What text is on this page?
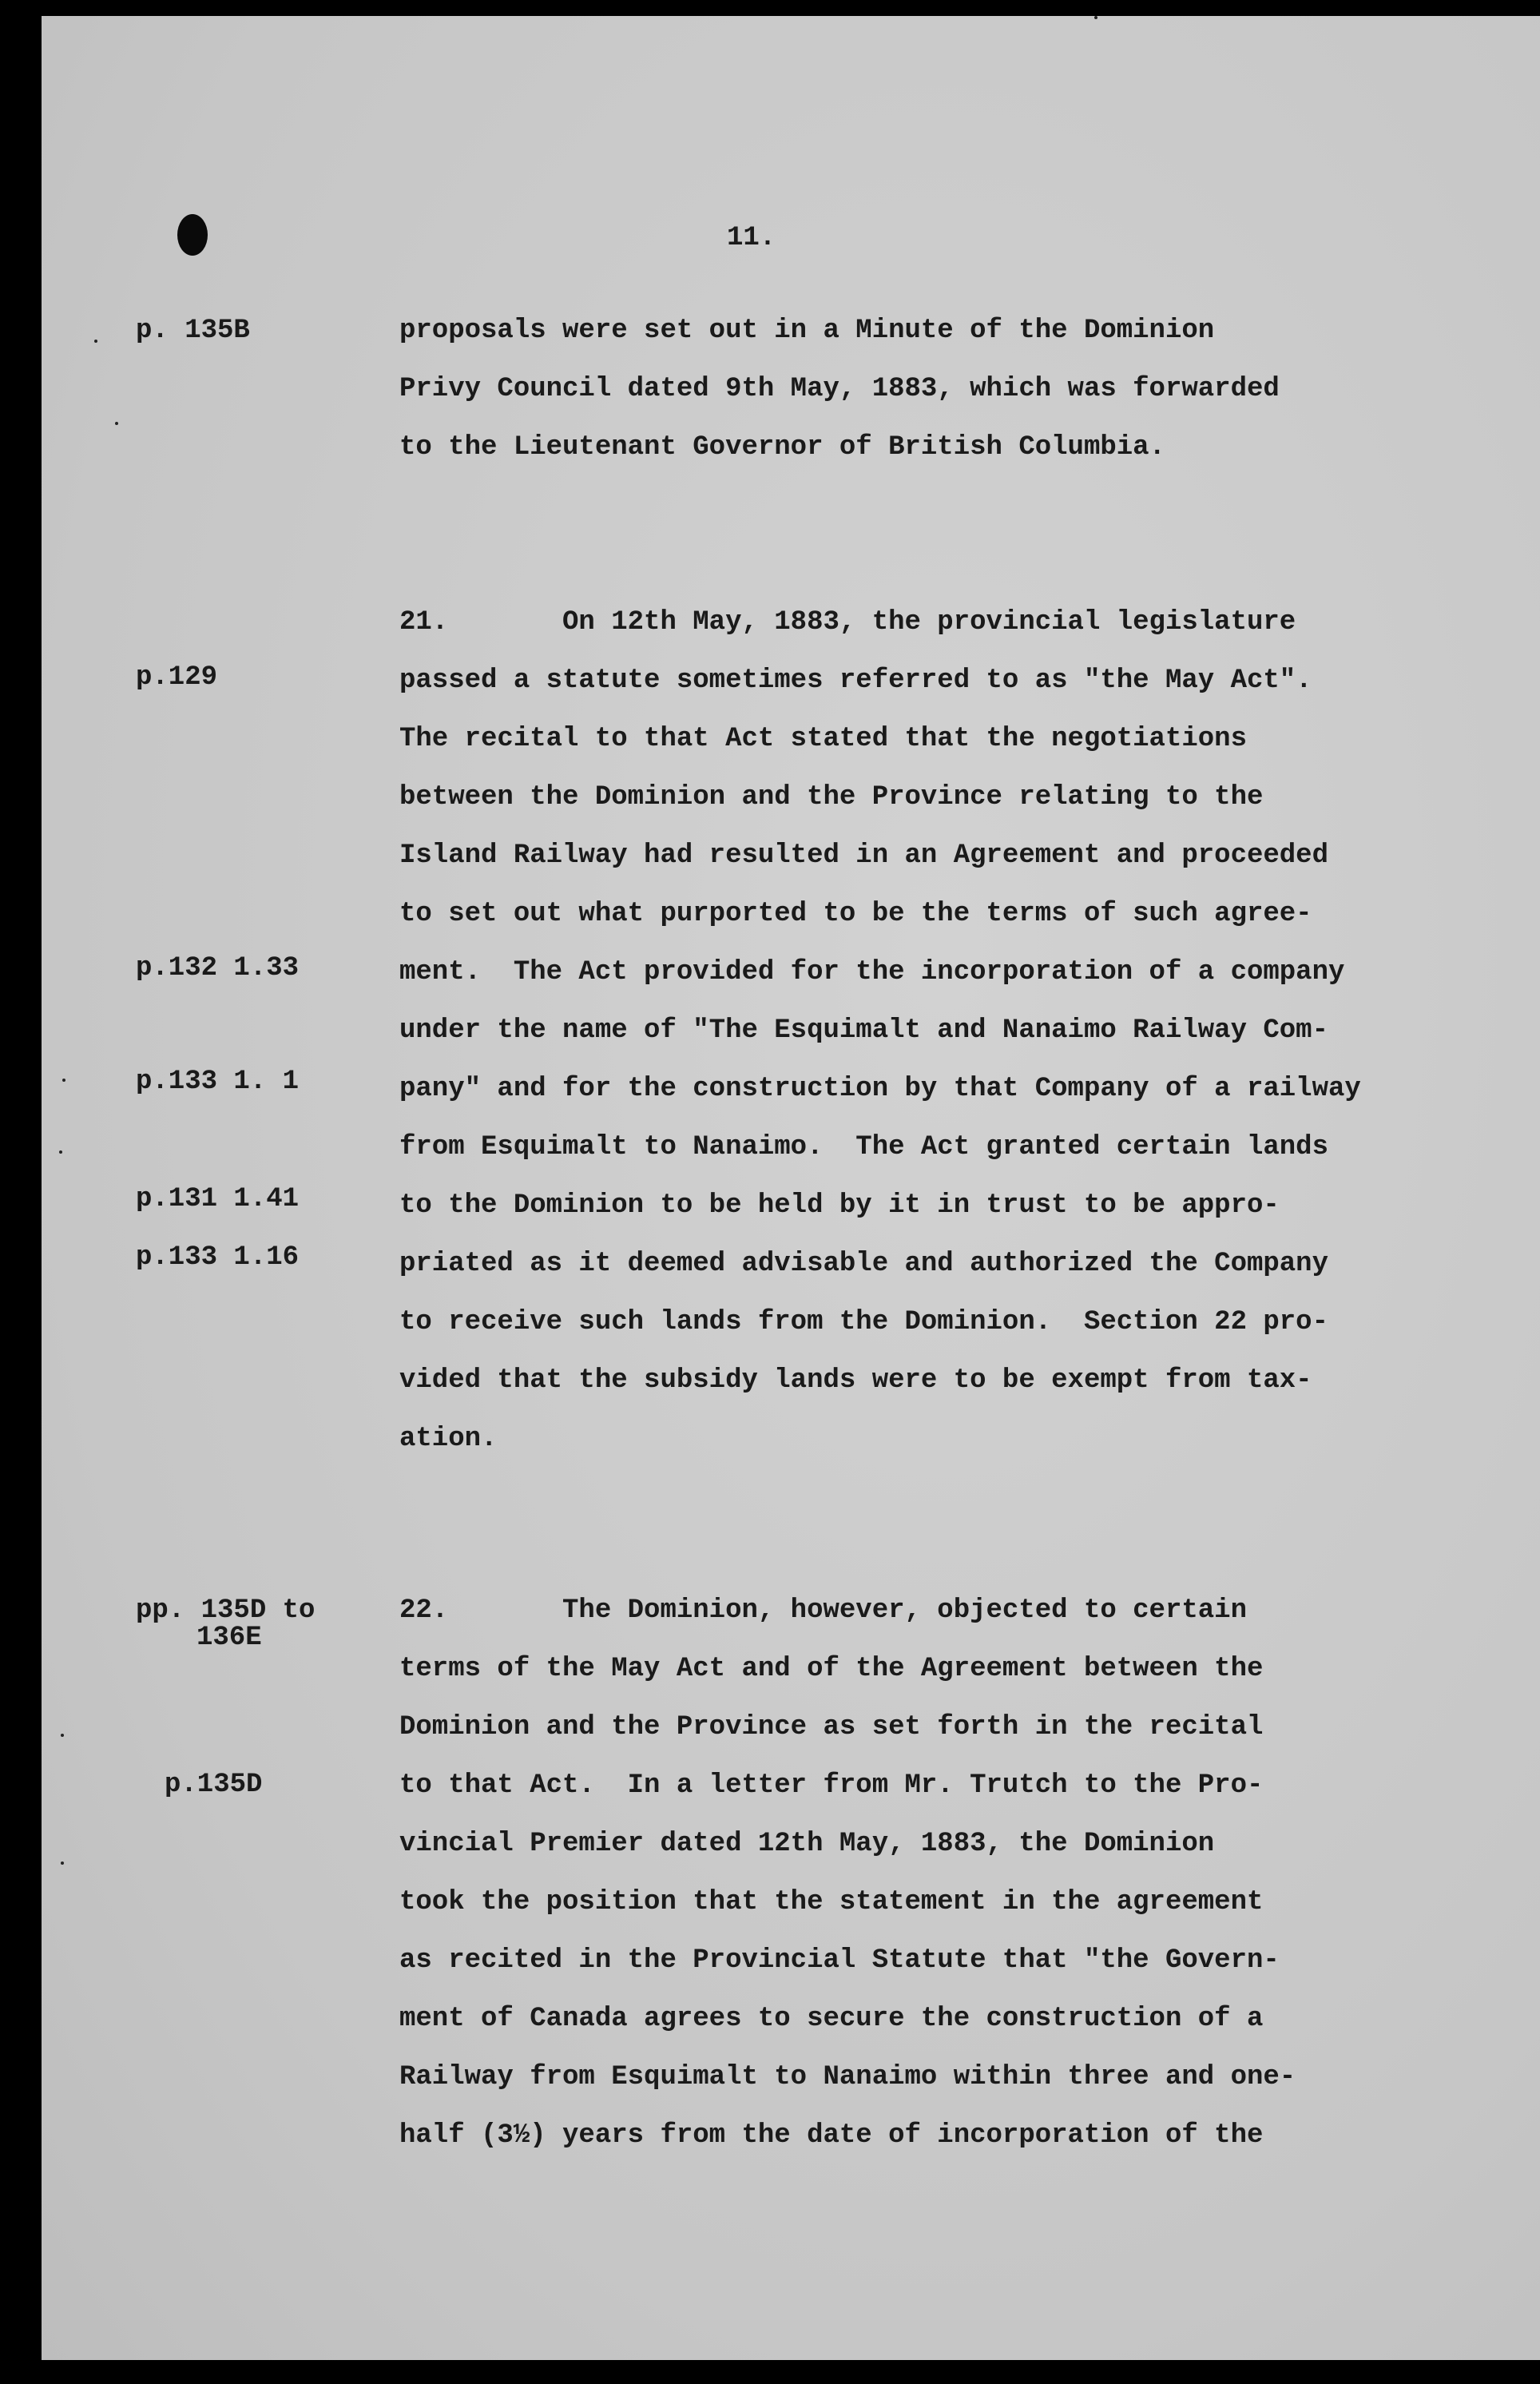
11.
p. 135B
p.129
p.132 1.33
p.133 1. 1
p.131 1.41
p.133 1.16
pp. 135D to
136E
p.135D
proposals were set out in a Minute of the Dominion
Privy Council dated 9th May, 1883, which was forwarded
to the Lieutenant Governor of British Columbia.
21.       On 12th May, 1883, the provincial legislature
passed a statute sometimes referred to as "the May Act".
The recital to that Act stated that the negotiations
between the Dominion and the Province relating to the
Island Railway had resulted in an Agreement and proceeded
to set out what purported to be the terms of such agree-
ment.  The Act provided for the incorporation of a company
under the name of "The Esquimalt and Nanaimo Railway Com-
pany" and for the construction by that Company of a railway
from Esquimalt to Nanaimo.  The Act granted certain lands
to the Dominion to be held by it in trust to be appro-
priated as it deemed advisable and authorized the Company
to receive such lands from the Dominion.  Section 22 pro-
vided that the subsidy lands were to be exempt from tax-
ation.
22.       The Dominion, however, objected to certain
terms of the May Act and of the Agreement between the
Dominion and the Province as set forth in the recital
to that Act.  In a letter from Mr. Trutch to the Pro-
vincial Premier dated 12th May, 1883, the Dominion
took the position that the statement in the agreement
as recited in the Provincial Statute that "the Govern-
ment of Canada agrees to secure the construction of a
Railway from Esquimalt to Nanaimo within three and one-
half (3½) years from the date of incorporation of the
